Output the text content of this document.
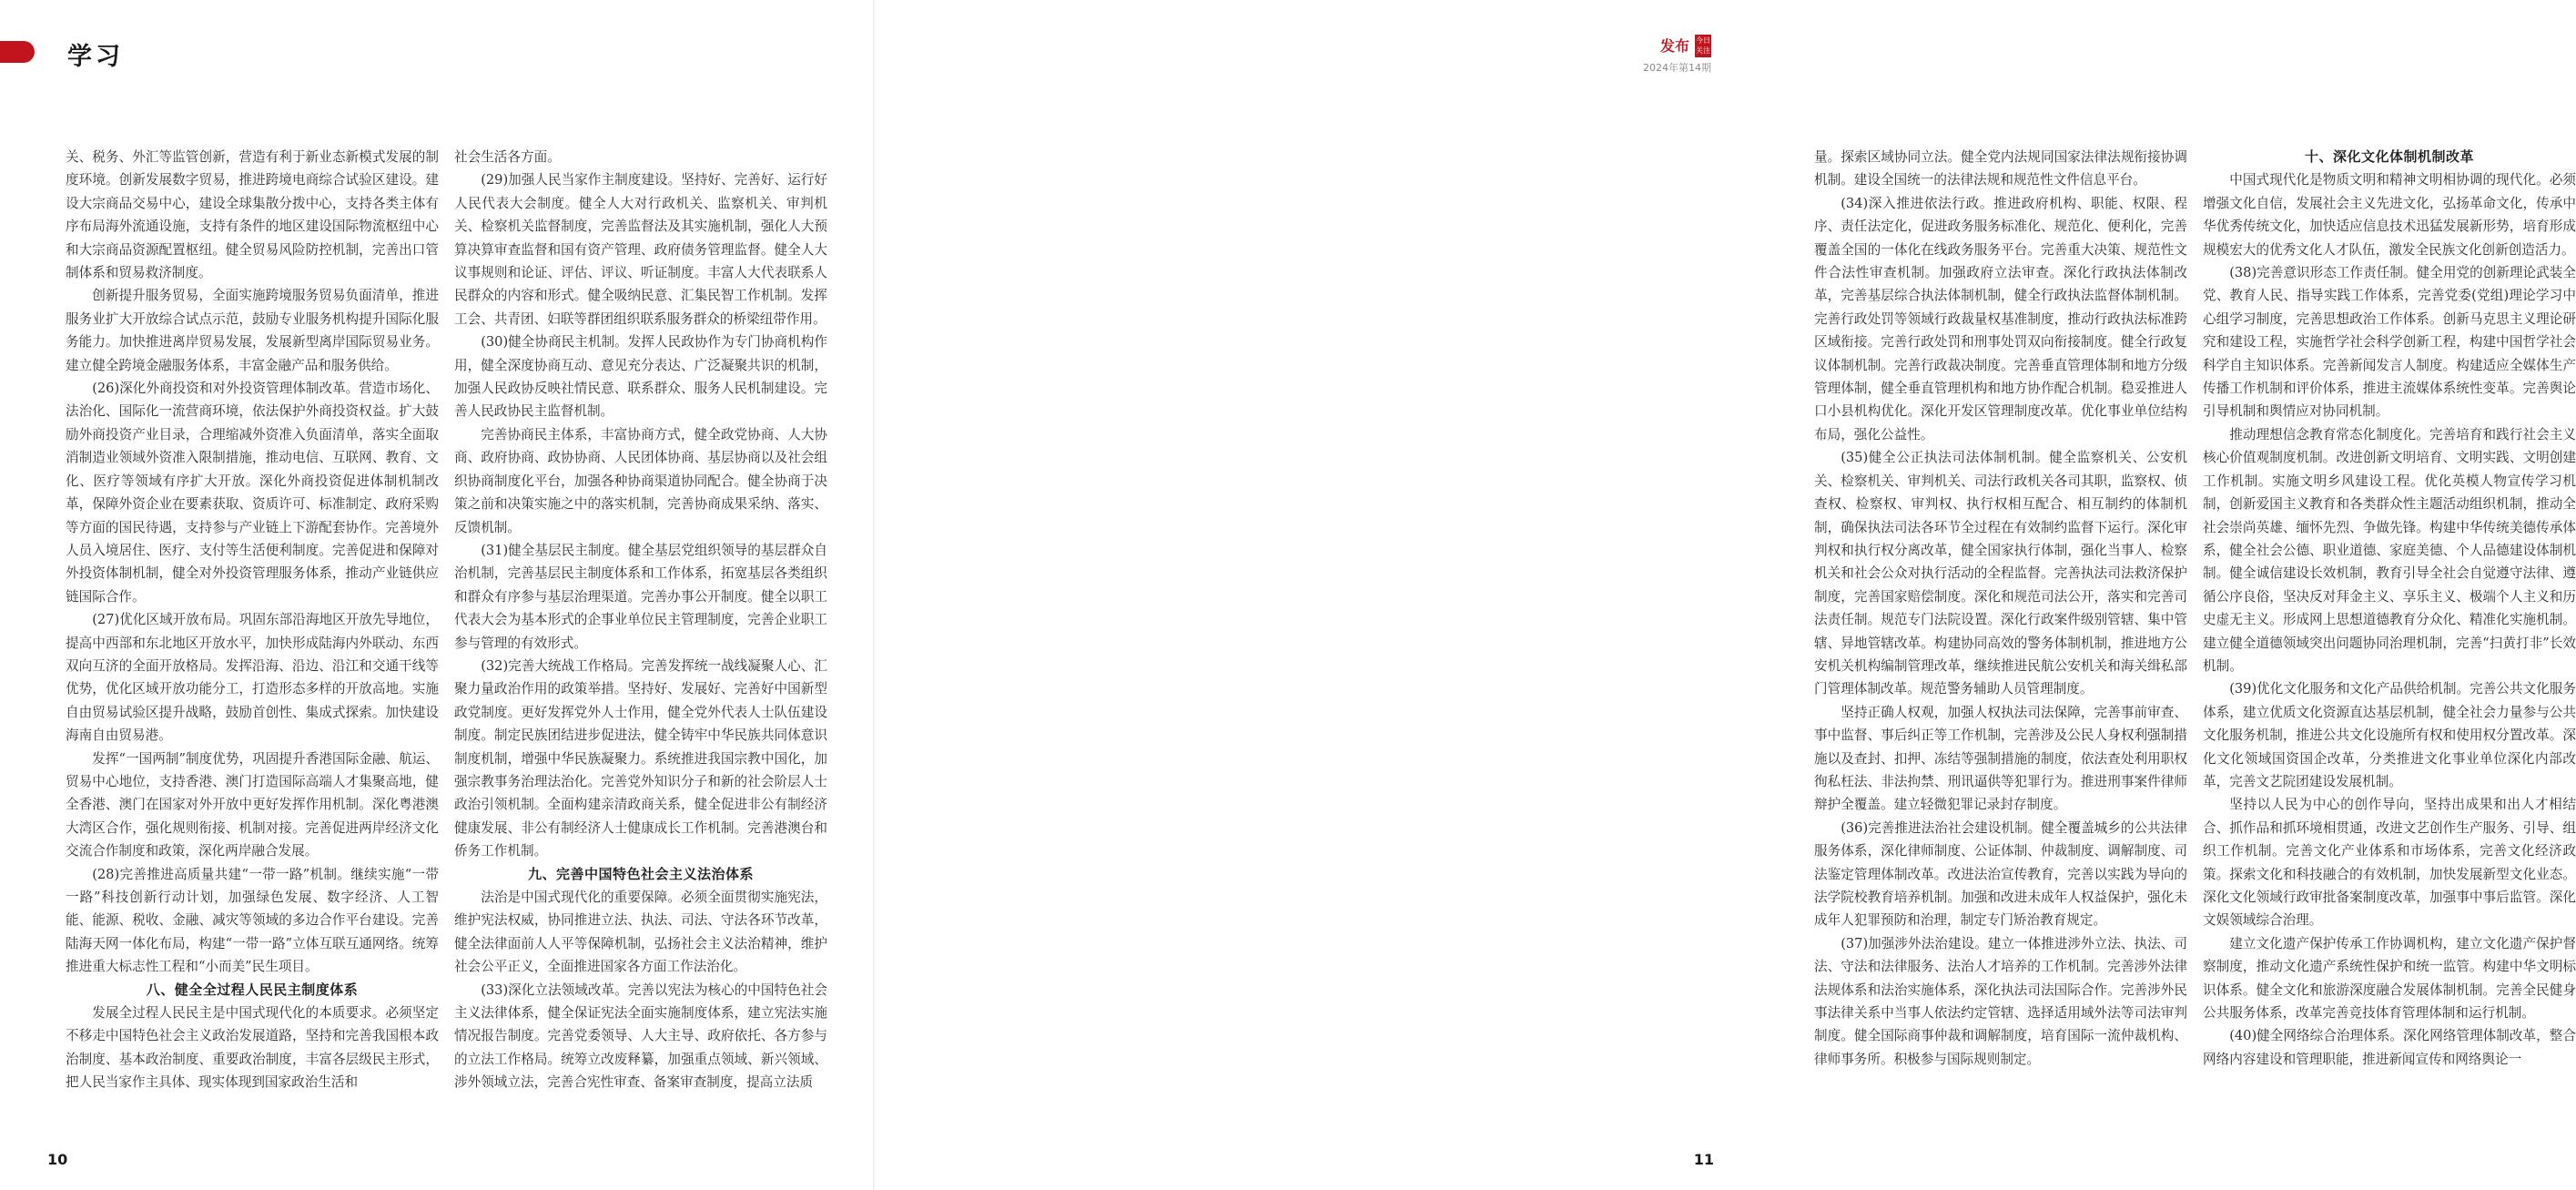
学习

关、税务、外汇等监管创新，营造有利于新业态新模式发展的制度环境。创新发展数字贸易，推进跨境电商综合试验区建设。建设大宗商品交易中心，建设全球集散分拨中心，支持各类主体有序布局海外流通设施，支持有条件的地区建设国际物流枢纽中心和大宗商品资源配置枢纽。健全贸易风险防控机制，完善出口管制体系和贸易救济制度。

创新提升服务贸易，全面实施跨境服务贸易负面清单，推进服务业扩大开放综合试点示范，鼓励专业服务机构提升国际化服务能力。加快推进离岸贸易发展，发展新型离岸国际贸易业务。建立健全跨境金融服务体系，丰富金融产品和服务供给。

(26)深化外商投资和对外投资管理体制改革。营造市场化、法治化、国际化一流营商环境，依法保护外商投资权益。扩大鼓励外商投资产业目录，合理缩减外资准入负面清单，落实全面取消制造业领域外资准入限制措施，推动电信、互联网、教育、文化、医疗等领域有序扩大开放。深化外商投资促进体制机制改革，保障外资企业在要素获取、资质许可、标准制定、政府采购等方面的国民待遇，支持参与产业链上下游配套协作。完善境外人员入境居住、医疗、支付等生活便利制度。完善促进和保障对外投资体制机制，健全对外投资管理服务体系，推动产业链供应链国际合作。

(27)优化区域开放布局。巩固东部沿海地区开放先导地位，提高中西部和东北地区开放水平，加快形成陆海内外联动、东西双向互济的全面开放格局。发挥沿海、沿边、沿江和交通干线等优势，优化区域开放功能分工，打造形态多样的开放高地。实施自由贸易试验区提升战略，鼓励首创性、集成式探索。加快建设海南自由贸易港。

发挥“一国两制”制度优势，巩固提升香港国际金融、航运、贸易中心地位，支持香港、澳门打造国际高端人才集聚高地，健全香港、澳门在国家对外开放中更好发挥作用机制。深化粤港澳大湾区合作，强化规则衔接、机制对接。完善促进两岸经济文化交流合作制度和政策，深化两岸融合发展。

(28)完善推进高质量共建“一带一路”机制。继续实施“一带一路”科技创新行动计划，加强绿色发展、数字经济、人工智能、能源、税收、金融、减灾等领域的多边合作平台建设。完善陆海天网一体化布局，构建“一带一路”立体互联互通网络。统筹推进重大标志性工程和“小而美”民生项目。

八、健全全过程人民民主制度体系

发展全过程人民民主是中国式现代化的本质要求。必须坚定不移走中国特色社会主义政治发展道路，坚持和完善我国根本政治制度、基本政治制度、重要政治制度，丰富各层级民主形式，把人民当家作主具体、现实体现到国家政治生活和

社会生活各方面。

(29)加强人民当家作主制度建设。坚持好、完善好、运行好人民代表大会制度。健全人大对行政机关、监察机关、审判机关、检察机关监督制度，完善监督法及其实施机制，强化人大预算决算审查监督和国有资产管理、政府债务管理监督。健全人大议事规则和论证、评估、评议、听证制度。丰富人大代表联系人民群众的内容和形式。健全吸纳民意、汇集民智工作机制。发挥工会、共青团、妇联等群团组织联系服务群众的桥梁纽带作用。

(30)健全协商民主机制。发挥人民政协作为专门协商机构作用，健全深度协商互动、意见充分表达、广泛凝聚共识的机制，加强人民政协反映社情民意、联系群众、服务人民机制建设。完善人民政协民主监督机制。

完善协商民主体系，丰富协商方式，健全政党协商、人大协商、政府协商、政协协商、人民团体协商、基层协商以及社会组织协商制度化平台，加强各种协商渠道协同配合。健全协商于决策之前和决策实施之中的落实机制，完善协商成果采纳、落实、反馈机制。

(31)健全基层民主制度。健全基层党组织领导的基层群众自治机制，完善基层民主制度体系和工作体系，拓宽基层各类组织和群众有序参与基层治理渠道。完善办事公开制度。健全以职工代表大会为基本形式的企事业单位民主管理制度，完善企业职工参与管理的有效形式。

(32)完善大统战工作格局。完善发挥统一战线凝聚人心、汇聚力量政治作用的政策举措。坚持好、发展好、完善好中国新型政党制度。更好发挥党外人士作用，健全党外代表人士队伍建设制度。制定民族团结进步促进法，健全铸牢中华民族共同体意识制度机制，增强中华民族凝聚力。系统推进我国宗教中国化，加强宗教事务治理法治化。完善党外知识分子和新的社会阶层人士政治引领机制。全面构建亲清政商关系，健全促进非公有制经济健康发展、非公有制经济人士健康成长工作机制。完善港澳台和侨务工作机制。

九、完善中国特色社会主义法治体系

法治是中国式现代化的重要保障。必须全面贯彻实施宪法，维护宪法权威，协同推进立法、执法、司法、守法各环节改革，健全法律面前人人平等保障机制，弘扬社会主义法治精神，维护社会公平正义，全面推进国家各方面工作法治化。

(33)深化立法领域改革。完善以宪法为核心的中国特色社会主义法律体系，健全保证宪法全面实施制度体系，建立宪法实施情况报告制度。完善党委领导、人大主导、政府依托、各方参与的立法工作格局。统筹立改废释纂，加强重点领域、新兴领域、涉外领域立法，完善合宪性审查、备案审查制度，提高立法质

10
发布 今日关注
2024年第14期

量。探索区域协同立法。健全党内法规同国家法律法规衔接协调机制。建设全国统一的法律法规和规范性文件信息平台。

(34)深入推进依法行政。推进政府机构、职能、权限、程序、责任法定化，促进政务服务标准化、规范化、便利化，完善覆盖全国的一体化在线政务服务平台。完善重大决策、规范性文件合法性审查机制。加强政府立法审查。深化行政执法体制改革，完善基层综合执法体制机制，健全行政执法监督体制机制。完善行政处罚等领域行政裁量权基准制度，推动行政执法标准跨区域衔接。完善行政处罚和刑事处罚双向衔接制度。健全行政复议体制机制。完善行政裁决制度。完善垂直管理体制和地方分级管理体制，健全垂直管理机构和地方协作配合机制。稳妥推进人口小县机构优化。深化开发区管理制度改革。优化事业单位结构布局，强化公益性。

(35)健全公正执法司法体制机制。健全监察机关、公安机关、检察机关、审判机关、司法行政机关各司其职，监察权、侦查权、检察权、审判权、执行权相互配合、相互制约的体制机制，确保执法司法各环节全过程在有效制约监督下运行。深化审判权和执行权分离改革，健全国家执行体制，强化当事人、检察机关和社会公众对执行活动的全程监督。完善执法司法救济保护制度，完善国家赔偿制度。深化和规范司法公开，落实和完善司法责任制。规范专门法院设置。深化行政案件级别管辖、集中管辖、异地管辖改革。构建协同高效的警务体制机制，推进地方公安机关机构编制管理改革，继续推进民航公安机关和海关缉私部门管理体制改革。规范警务辅助人员管理制度。

坚持正确人权观，加强人权执法司法保障，完善事前审查、事中监督、事后纠正等工作机制，完善涉及公民人身权利强制措施以及查封、扣押、冻结等强制措施的制度，依法查处利用职权徇私枉法、非法拘禁、刑讯逼供等犯罪行为。推进刑事案件律师辩护全覆盖。建立轻微犯罪记录封存制度。

(36)完善推进法治社会建设机制。健全覆盖城乡的公共法律服务体系，深化律师制度、公证体制、仲裁制度、调解制度、司法鉴定管理体制改革。改进法治宣传教育，完善以实践为导向的法学院校教育培养机制。加强和改进未成年人权益保护，强化未成年人犯罪预防和治理，制定专门矫治教育规定。

(37)加强涉外法治建设。建立一体推进涉外立法、执法、司法、守法和法律服务、法治人才培养的工作机制。完善涉外法律法规体系和法治实施体系，深化执法司法国际合作。完善涉外民事法律关系中当事人依法约定管辖、选择适用域外法等司法审判制度。健全国际商事仲裁和调解制度，培育国际一流仲裁机构、律师事务所。积极参与国际规则制定。

十、深化文化体制机制改革

中国式现代化是物质文明和精神文明相协调的现代化。必须增强文化自信，发展社会主义先进文化，弘扬革命文化，传承中华优秀传统文化，加快适应信息技术迅猛发展新形势，培育形成规模宏大的优秀文化人才队伍，激发全民族文化创新创造活力。

(38)完善意识形态工作责任制。健全用党的创新理论武装全党、教育人民、指导实践工作体系，完善党委(党组)理论学习中心组学习制度，完善思想政治工作体系。创新马克思主义理论研究和建设工程，实施哲学社会科学创新工程，构建中国哲学社会科学自主知识体系。完善新闻发言人制度。构建适应全媒体生产传播工作机制和评价体系，推进主流媒体系统性变革。完善舆论引导机制和舆情应对协同机制。

推动理想信念教育常态化制度化。完善培育和践行社会主义核心价值观制度机制。改进创新文明培育、文明实践、文明创建工作机制。实施文明乡风建设工程。优化英模人物宣传学习机制，创新爱国主义教育和各类群众性主题活动组织机制，推动全社会崇尚英雄、缅怀先烈、争做先锋。构建中华传统美德传承体系，健全社会公德、职业道德、家庭美德、个人品德建设体制机制。健全诚信建设长效机制，教育引导全社会自觉遵守法律、遵循公序良俗，坚决反对拜金主义、享乐主义、极端个人主义和历史虚无主义。形成网上思想道德教育分众化、精准化实施机制。建立健全道德领域突出问题协同治理机制，完善“扫黄打非”长效机制。

(39)优化文化服务和文化产品供给机制。完善公共文化服务体系，建立优质文化资源直达基层机制，健全社会力量参与公共文化服务机制，推进公共文化设施所有权和使用权分置改革。深化文化领域国资国企改革，分类推进文化事业单位深化内部改革，完善文艺院团建设发展机制。

坚持以人民为中心的创作导向，坚持出成果和出人才相结合、抓作品和抓环境相贯通，改进文艺创作生产服务、引导、组织工作机制。完善文化产业体系和市场体系，完善文化经济政策。探索文化和科技融合的有效机制，加快发展新型文化业态。深化文化领域行政审批备案制度改革，加强事中事后监管。深化文娱领域综合治理。

建立文化遗产保护传承工作协调机构，建立文化遗产保护督察制度，推动文化遗产系统性保护和统一监管。构建中华文明标识体系。健全文化和旅游深度融合发展体制机制。完善全民健身公共服务体系，改革完善竞技体育管理体制和运行机制。

(40)健全网络综合治理体系。深化网络管理体制改革，整合网络内容建设和管理职能，推进新闻宣传和网络舆论一

11
